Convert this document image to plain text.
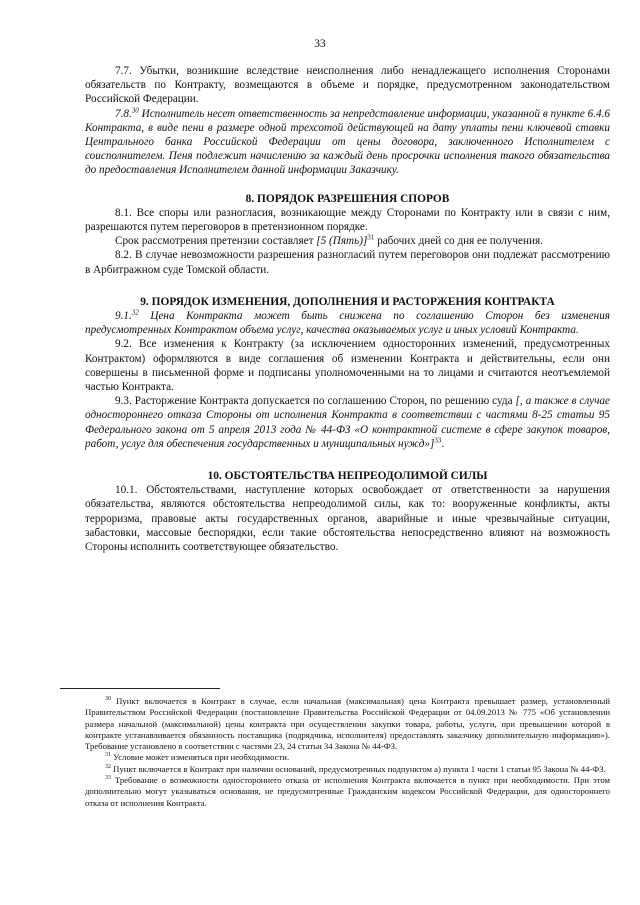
33

7.7. Убытки, возникшие вследствие неисполнения либо ненадлежащего исполнения Сторонами обязательств по Контракту, возмещаются в объеме и порядке, предусмотренном законодательством Российской Федерации.

7.8.30 Исполнитель несет ответственность за непредставление информации, указанной в пункте 6.4.6 Контракта, в виде пени в размере одной трехсотой действующей на дату уплаты пени ключевой ставки Центрального банка Российской Федерации от цены договора, заключенного Исполнителем с соисполнителем. Пеня подлежит начислению за каждый день просрочки исполнения такого обязательства до предоставления Исполнителем данной информации Заказчику.

8. ПОРЯДОК РАЗРЕШЕНИЯ СПОРОВ

8.1. Все споры или разногласия, возникающие между Сторонами по Контракту или в связи с ним, разрешаются путем переговоров в претензионном порядке.

Срок рассмотрения претензии составляет [5 (Пять)]$^{31}$ рабочих дней со дня ее получения.

8.2. В случае невозможности разрешения разногласий путем переговоров они подлежат рассмотрению в Арбитражном суде Томской области.

9. ПОРЯДОК ИЗМЕНЕНИЯ, ДОПОЛНЕНИЯ И РАСТОРЖЕНИЯ КОНТРАКТА

9.1.32 Цена Контракта может быть снижена по соглашению Сторон без изменения предусмотренных Контрактом объема услуг, качества оказываемых услуг и иных условий Контракта.

9.2. Все изменения к Контракту (за исключением односторонних изменений, предусмотренных Контрактом) оформляются в виде соглашения об изменении Контракта и действительны, если они совершены в письменной форме и подписаны уполномоченными на то лицами и считаются неотъемлемой частью Контракта.

9.3. Расторжение Контракта допускается по соглашению Сторон, по решению суда [, а также в случае одностороннего отказа Стороны от исполнения Контракта в соответствии с частями 8-25 статьи 95 Федерального закона от 5 апреля 2013 года № 44-ФЗ «О контрактной системе в сфере закупок товаров, работ, услуг для обеспечения государственных и муниципальных нужд»]$^{33}$.

10. ОБСТОЯТЕЛЬСТВА НЕПРЕОДОЛИМОЙ СИЛЫ

10.1. Обстоятельствами, наступление которых освобождает от ответственности за нарушения обязательства, являются обстоятельства непреодолимой силы, как то: вооруженные конфликты, акты терроризма, правовые акты государственных органов, аварийные и иные чрезвычайные ситуации, забастовки, массовые беспорядки, если такие обстоятельства непосредственно влияют на возможность Стороны исполнить соответствующее обязательство.

$^{30}$ Пункт включается в Контракт в случае, если начальная (максимальная) цена Контракта превышает размер, установленный Правительством Российской Федерации (постановление Правительства Российской Федерации от 04.09.2013 № 775 «Об установлении размера начальной (максимальной) цены контракта при осуществлении закупки товара, работы, услуги, при превышении которой в контракте устанавливается обязанность поставщика (подрядчика, исполнителя) предоставлять заказчику дополнительную информацию»). Требование установлено в соответствии с частями 23, 24 статьи 34 Закона № 44-ФЗ.

$^{31}$ Условие может изменяться при необходимости.

$^{32}$ Пункт включается в Контракт при наличии оснований, предусмотренных подпунктом а) пункта 1 части 1 статьи 95 Закона № 44-ФЗ.

$^{33}$ Требование о возможности одностороннего отказа от исполнения Контракта включается в пункт при необходимости. При этом дополнительно могут указываться основания, не предусмотренные Гражданским кодексом Российской Федерации, для одностороннего отказа от исполнения Контракта.
